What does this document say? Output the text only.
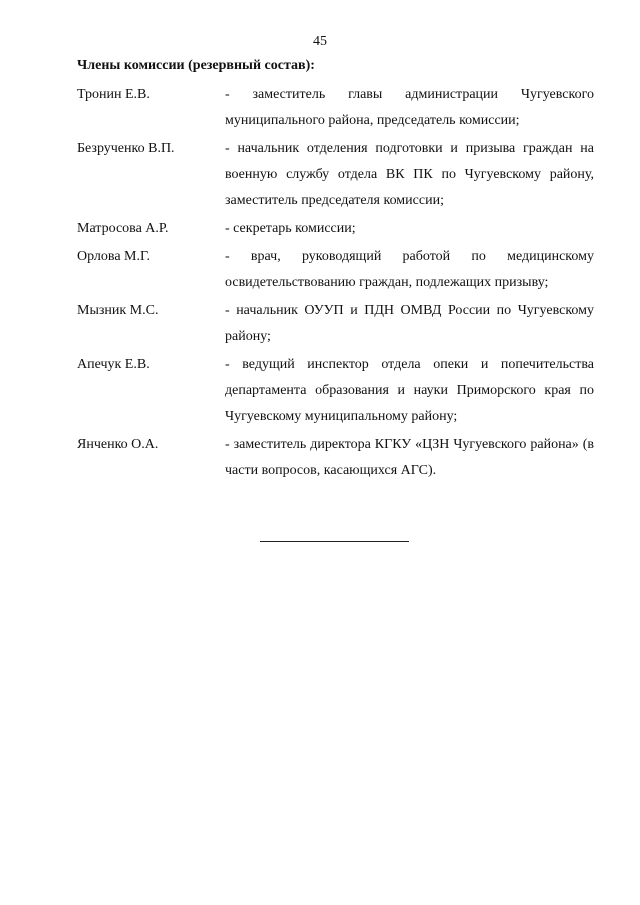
45
Члены комиссии (резервный состав):
Тронин Е.В.	- заместитель главы администрации Чугуевского муниципального района, председатель комиссии;
Безрученко В.П.	- начальник отделения подготовки и призыва граждан на военную службу отдела ВК ПК по Чугуевскому району, заместитель председателя комиссии;
Матросова А.Р.	- секретарь комиссии;
Орлова М.Г.	- врач, руководящий работой по медицинскому освидетельствованию граждан, подлежащих призыву;
Мызник М.С.	- начальник ОУУП и ПДН ОМВД России по Чугуевскому району;
Апечук Е.В.	- ведущий инспектор отдела опеки и попечительства департамента образования и науки Приморского края по Чугуевскому муниципальному району;
Янченко О.А.	- заместитель директора КГКУ «ЦЗН Чугуевского района» (в части вопросов, касающихся АГС).
